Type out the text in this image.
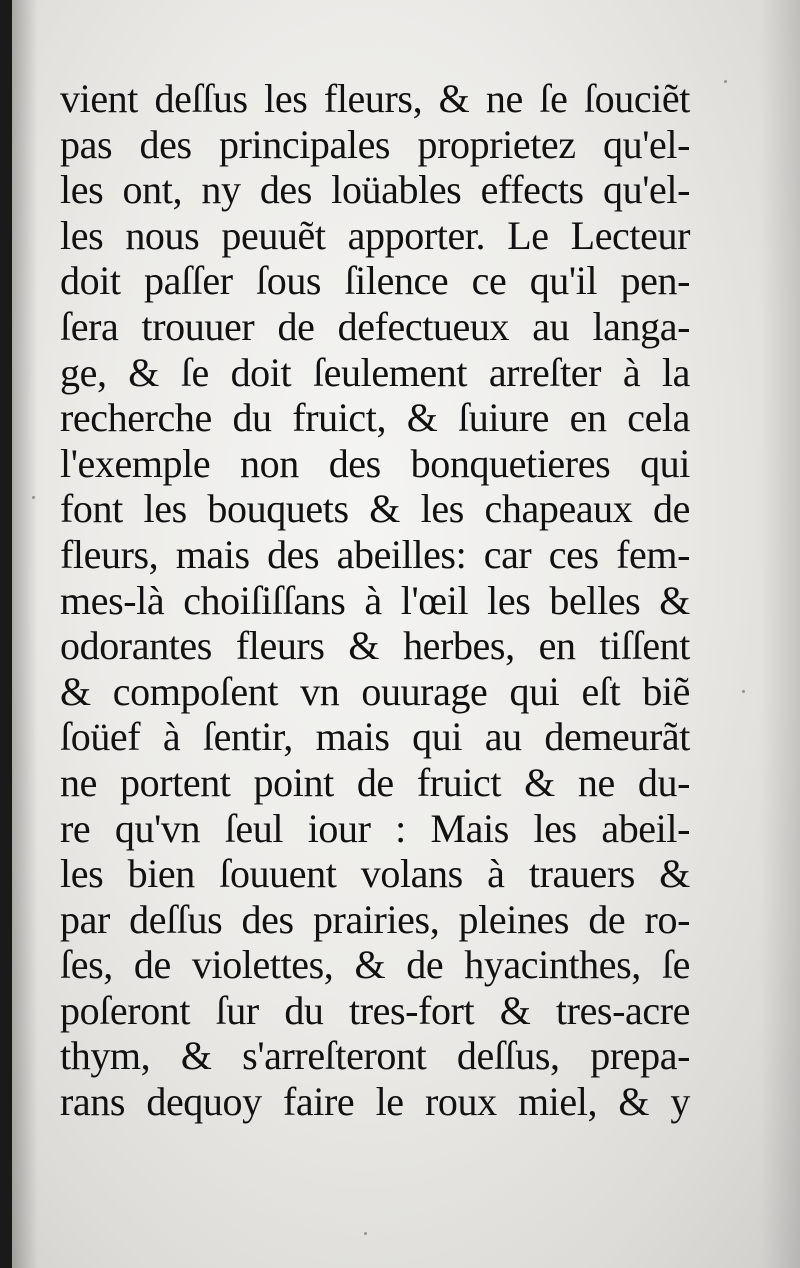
vient deſſus les fleurs, & ne ſe ſouciẽt
pas des principales proprietez qu'el-
les ont, ny des loüables effects qu'el-
les nous peuuẽt apporter. Le Lecteur
doit paſſer ſous ſilence ce qu'il pen-
ſera trouuer de defectueux au langa-
ge, & ſe doit ſeulement arreſter à la
recherche du fruict, & ſuiure en cela
l'exemple non des bonquetieres qui
font les bouquets & les chapeaux de
fleurs, mais des abeilles: car ces fem-
mes-là choiſiſſans à l'œil les belles &
odorantes fleurs & herbes, en tiſſent
& compoſent vn ouurage qui eſt biẽ
ſoüef à ſentir, mais qui au demeurãt
ne portent point de fruict & ne du-
re qu'vn ſeul iour : Mais les abeil-
les bien ſouuent volans à trauers &
par deſſus des prairies, pleines de ro-
ſes, de violettes, & de hyacinthes, ſe
poſeront ſur du tres-fort & tres-acre
thym, & s'arreſteront deſſus, prepa-
rans dequoy faire le roux miel, & y
